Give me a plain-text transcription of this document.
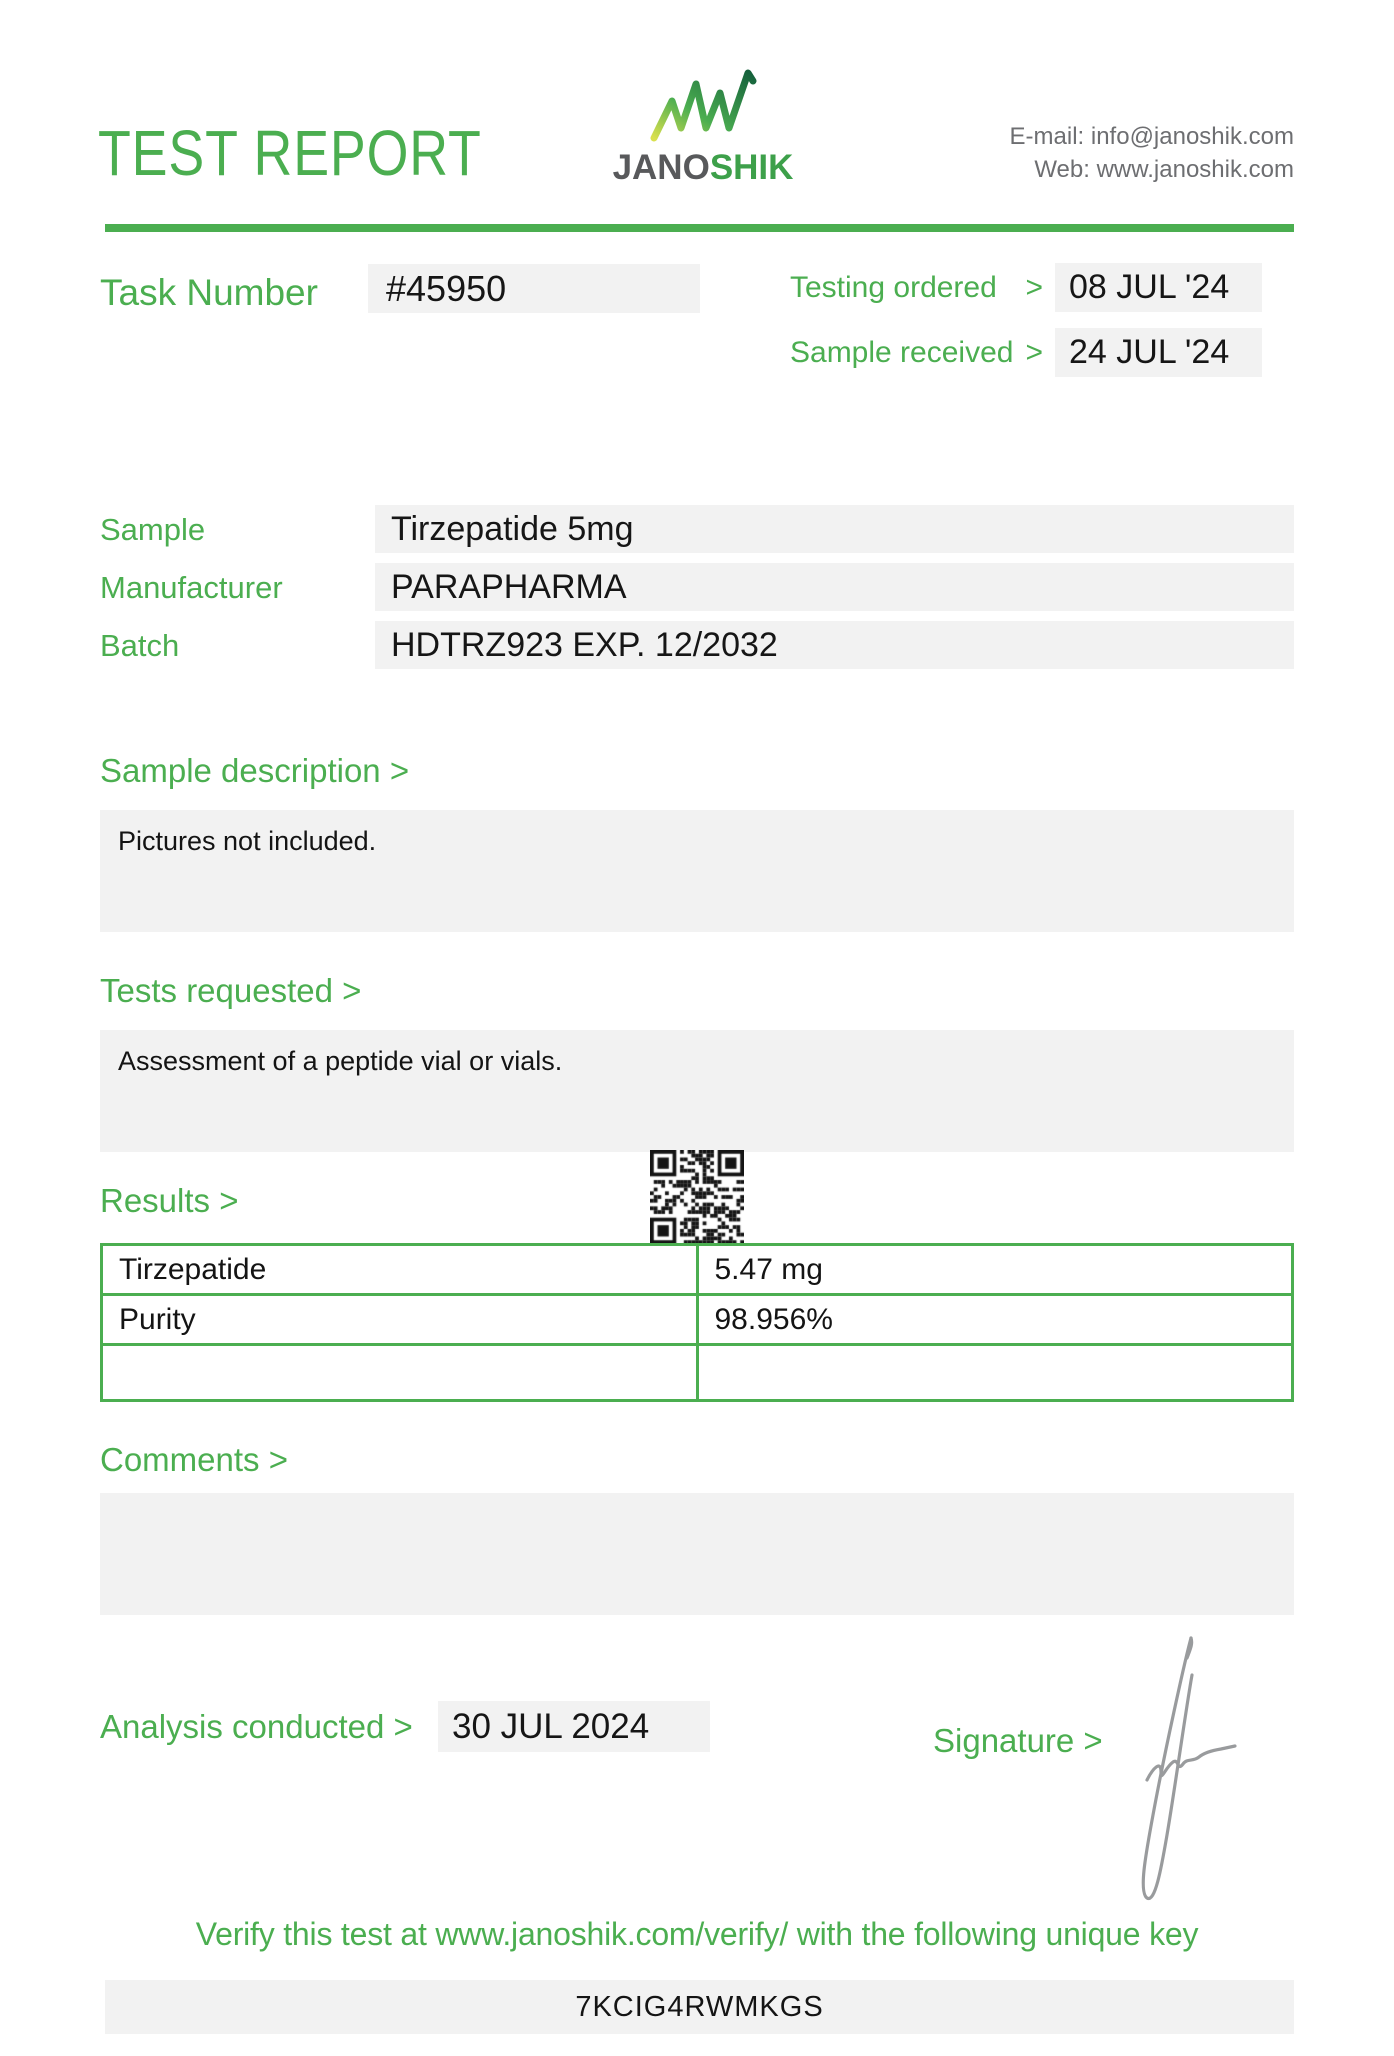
TEST REPORT	JANOSHIK
E-mail: info@janoshik.com
Web: www.janoshik.com
Task Number	#45950	Testing ordered > 08 JUL '24
Sample received > 24 JUL '24
Sample	Tirzepatide 5mg
Manufacturer	PARAPHARMA
Batch	HDTRZ923 EXP. 12/2032
Sample description >
Pictures not included.
Tests requested >
Assessment of a peptide vial or vials.
Results >
Tirzepatide	5.47 mg
Purity	98.956%

Comments >
Analysis conducted >	30 JUL 2024	Signature >
Verify this test at www.janoshik.com/verify/ with the following unique key
7KCIG4RWMKGS
